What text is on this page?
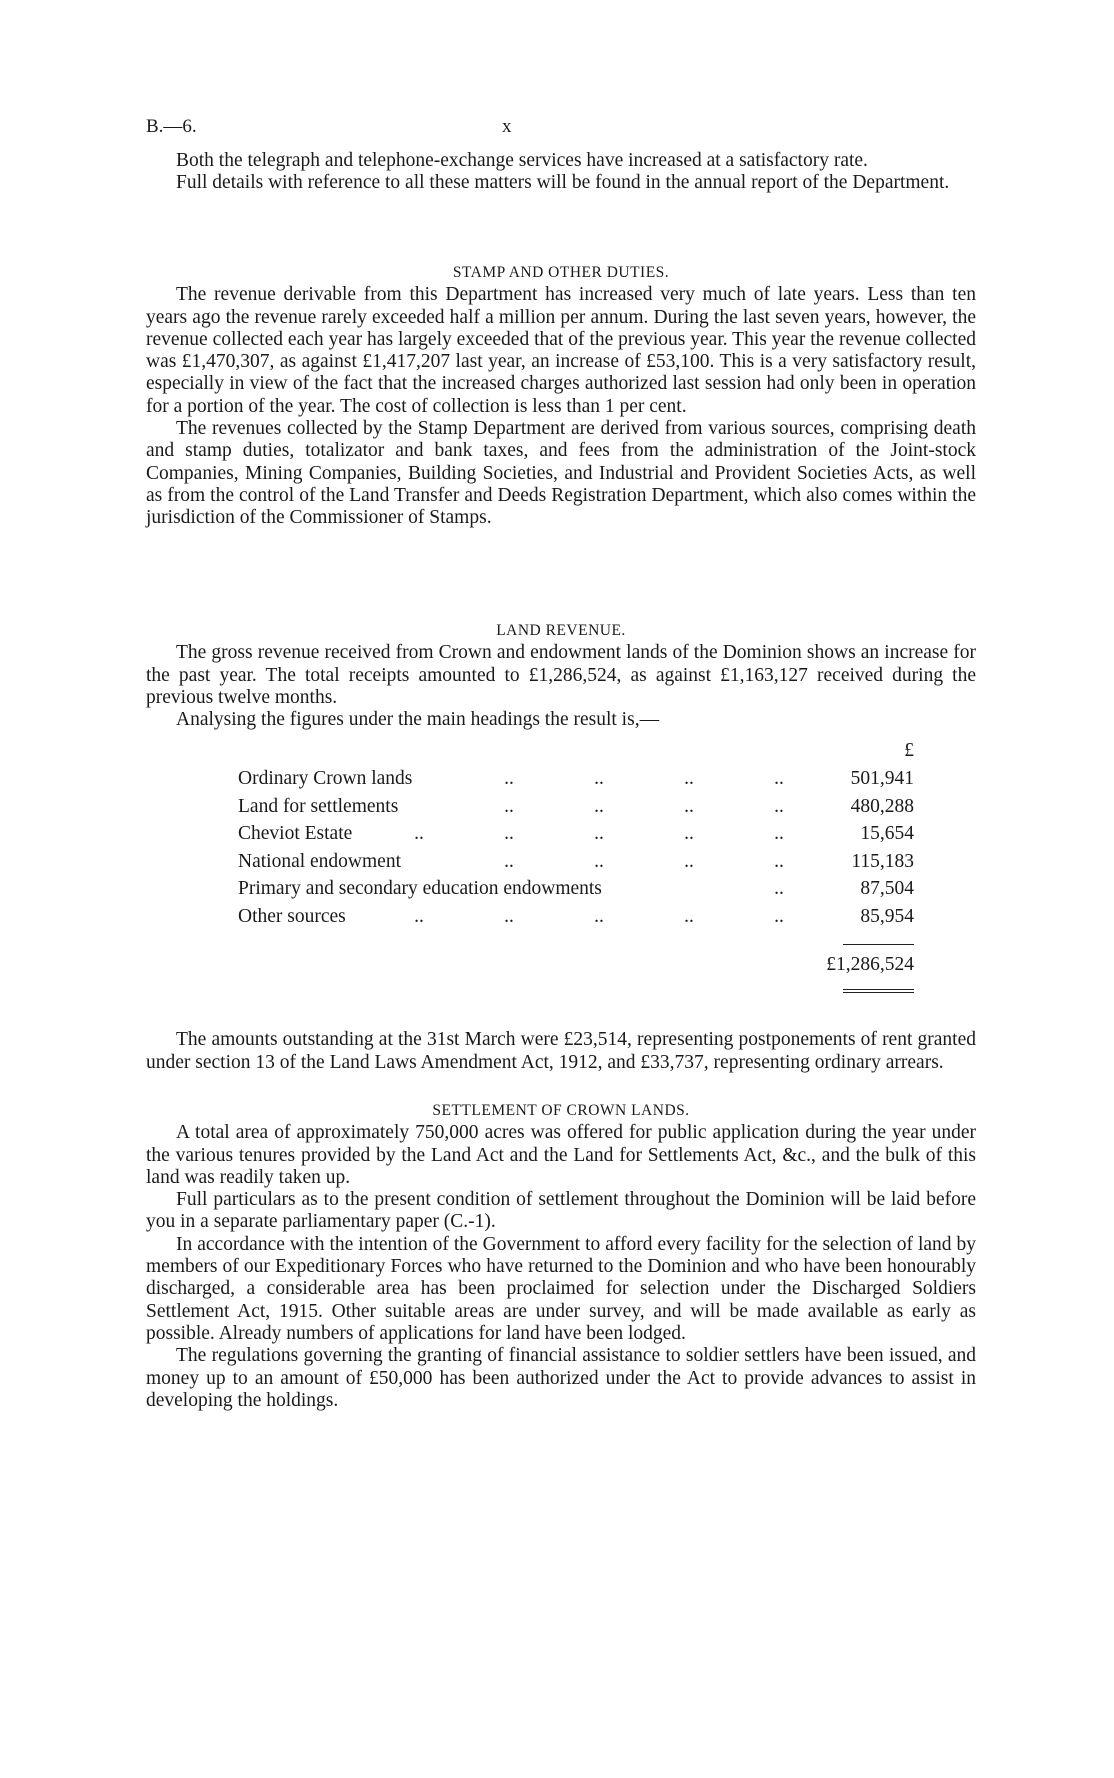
B.—6.	x

Both the telegraph and telephone-exchange services have increased at a satisfactory rate.

Full details with reference to all these matters will be found in the annual report of the Department.

STAMP AND OTHER DUTIES.

The revenue derivable from this Department has increased very much of late years. Less than ten years ago the revenue rarely exceeded half a million per annum. During the last seven years, however, the revenue collected each year has largely exceeded that of the previous year. This year the revenue collected was £1,470,307, as against £1,417,207 last year, an increase of £53,100. This is a very satisfactory result, especially in view of the fact that the increased charges authorized last session had only been in operation for a portion of the year. The cost of collection is less than 1 per cent.

The revenues collected by the Stamp Department are derived from various sources, comprising death and stamp duties, totalizator and bank taxes, and fees from the administration of the Joint-stock Companies, Mining Companies, Building Societies, and Industrial and Provident Societies Acts, as well as from the control of the Land Transfer and Deeds Registration Department, which also comes within the jurisdiction of the Commissioner of Stamps.

LAND REVENUE.

The gross revenue received from Crown and endowment lands of the Dominion shows an increase for the past year. The total receipts amounted to £1,286,524, as against £1,163,127 received during the previous twelve months.

Analysing the figures under the main headings the result is,—

£
Ordinary Crown lands	..	..	..	..	501,941
Land for settlements	..	..	..	..	480,288
Cheviot Estate	..	..	..	..	..	15,654
National endowment	..	..	..	..	115,183
Primary and secondary education endowments	..	87,504
Other sources	..	..	..	..	..	85,954
£1,286,524

The amounts outstanding at the 31st March were £23,514, representing postponements of rent granted under section 13 of the Land Laws Amendment Act, 1912, and £33,737, representing ordinary arrears.

SETTLEMENT OF CROWN LANDS.

A total area of approximately 750,000 acres was offered for public application during the year under the various tenures provided by the Land Act and the Land for Settlements Act, &c., and the bulk of this land was readily taken up.

Full particulars as to the present condition of settlement throughout the Dominion will be laid before you in a separate parliamentary paper (C.-1).

In accordance with the intention of the Government to afford every facility for the selection of land by members of our Expeditionary Forces who have returned to the Dominion and who have been honourably discharged, a considerable area has been proclaimed for selection under the Discharged Soldiers Settlement Act, 1915. Other suitable areas are under survey, and will be made available as early as possible. Already numbers of applications for land have been lodged.

The regulations governing the granting of financial assistance to soldier settlers have been issued, and money up to an amount of £50,000 has been authorized under the Act to provide advances to assist in developing the holdings.
